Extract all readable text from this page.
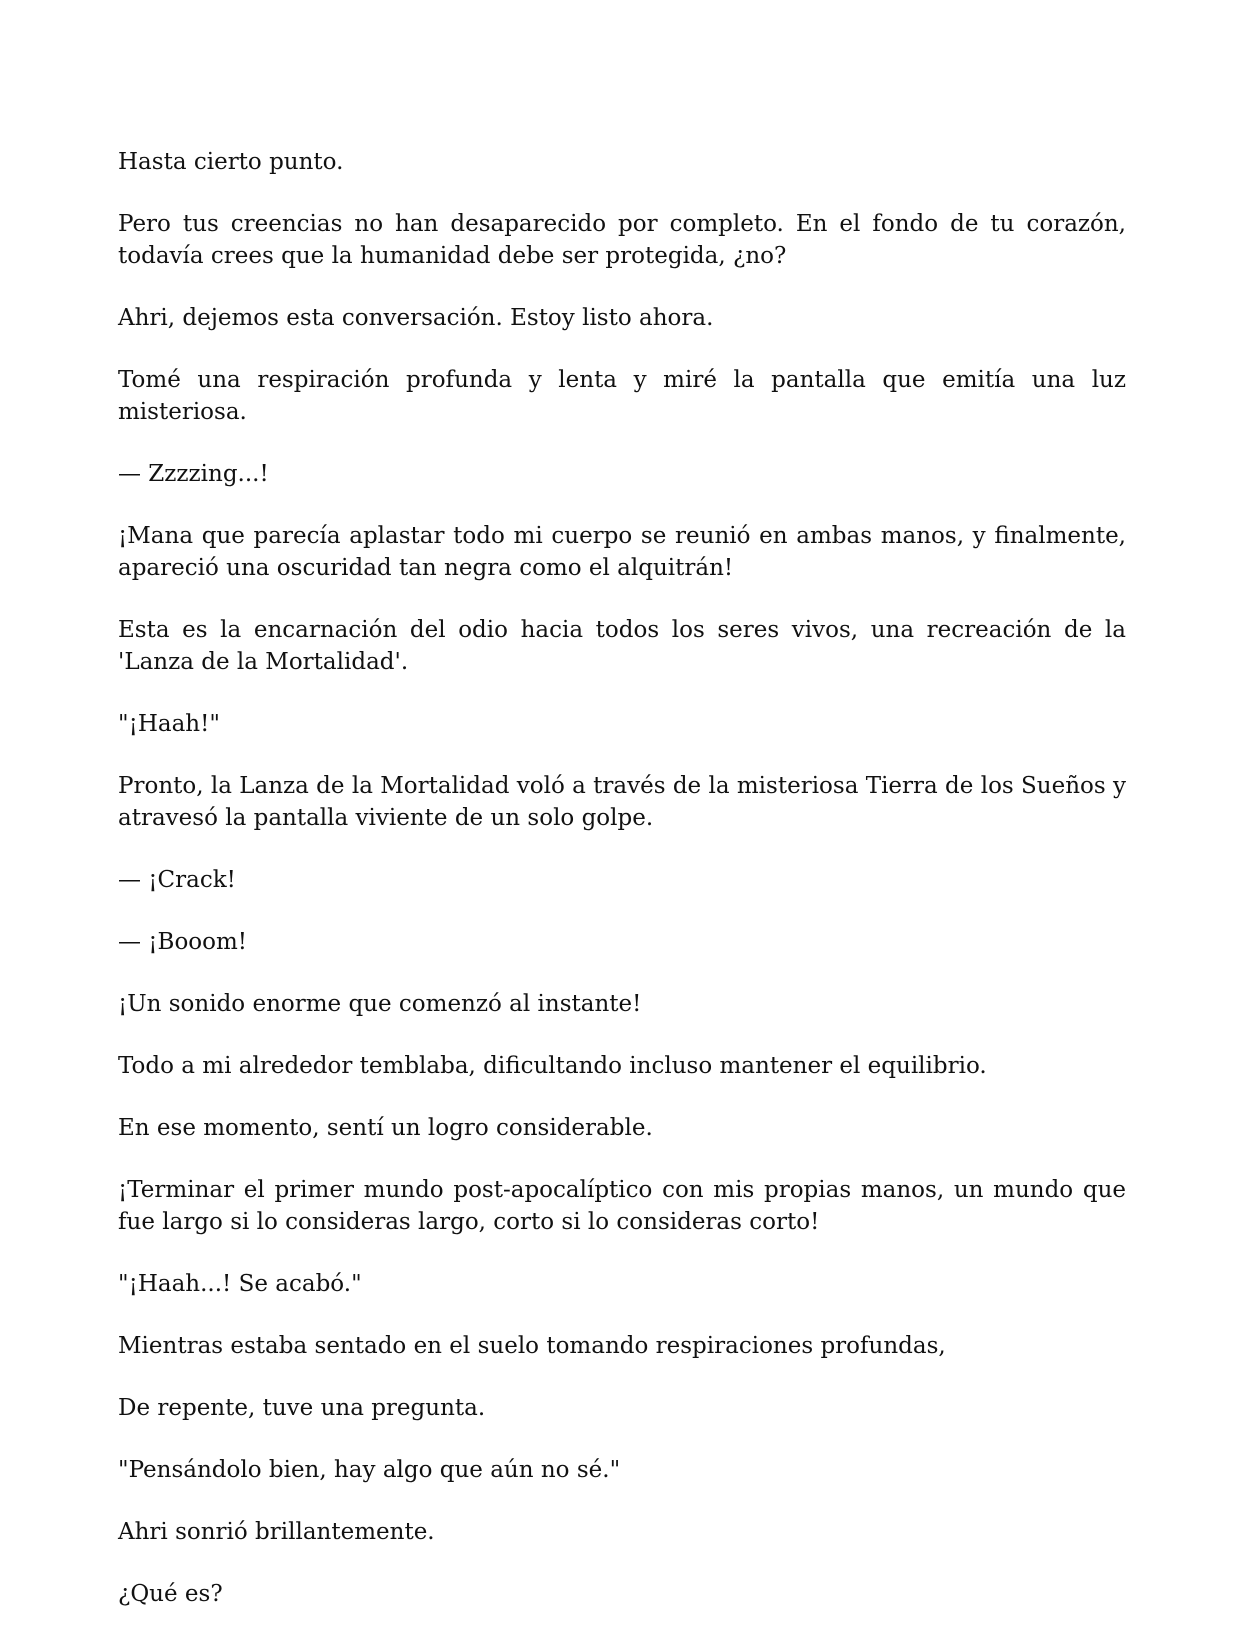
Hasta cierto punto.

Pero tus creencias no han desaparecido por completo. En el fondo de tu corazón, todavía crees que la humanidad debe ser protegida, ¿no?

Ahri, dejemos esta conversación. Estoy listo ahora.

Tomé una respiración profunda y lenta y miré la pantalla que emitía una luz misteriosa.

— Zzzzing...!

¡Mana que parecía aplastar todo mi cuerpo se reunió en ambas manos, y finalmente, apareció una oscuridad tan negra como el alquitrán!

Esta es la encarnación del odio hacia todos los seres vivos, una recreación de la 'Lanza de la Mortalidad'.

"¡Haah!"

Pronto, la Lanza de la Mortalidad voló a través de la misteriosa Tierra de los Sueños y atravesó la pantalla viviente de un solo golpe.

— ¡Crack!

— ¡Booom!

¡Un sonido enorme que comenzó al instante!

Todo a mi alrededor temblaba, dificultando incluso mantener el equilibrio.

En ese momento, sentí un logro considerable.

¡Terminar el primer mundo post-apocalíptico con mis propias manos, un mundo que fue largo si lo consideras largo, corto si lo consideras corto!

"¡Haah...! Se acabó."

Mientras estaba sentado en el suelo tomando respiraciones profundas,

De repente, tuve una pregunta.

"Pensándolo bien, hay algo que aún no sé."

Ahri sonrió brillantemente.

¿Qué es?
